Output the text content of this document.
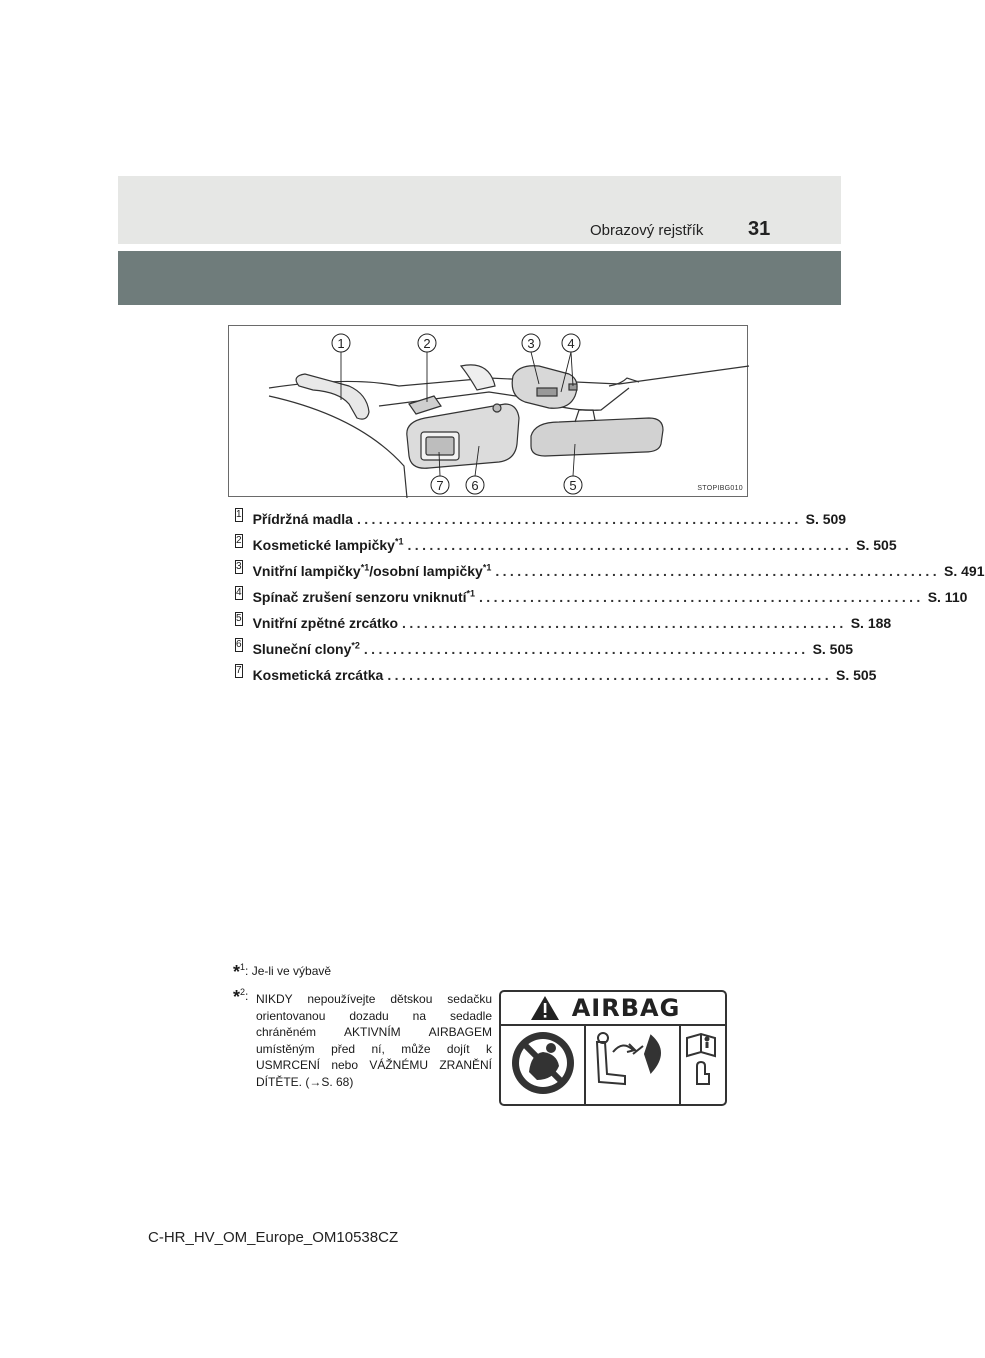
Obrazový rejstřík 31
1	2	3	4
5
6
7	STOPIBG010
1 Přídržná madla ............................................................. S. 509
2 Kosmetické lampičky$^{*1}$ ............................................................. S. 505
3 Vnitřní lampičky$^{*1}$/osobní lampičky$^{*1}$ ............................................................. S. 491
4 Spínač zrušení senzoru vniknutí$^{*1}$ ............................................................. S. 110
5 Vnitřní zpětné zrcátko ............................................................. S. 188
6 Sluneční clony$^{*2}$ ............................................................. S. 505
7 Kosmetická zrcátka ............................................................. S. 505
*$^1$: Je-li ve výbavě
*$^2$: NIKDY nepoužívejte dětskou sedačku orientovanou dozadu na sedadle chráněném AKTIVNÍM AIRBAGEM umístěným před ní, může dojít k USMRCENÍ nebo VÁŽNÉMU ZRANĚNÍ DÍTĚTE. (→S. 68)
AIRBAG
C-HR_HV_OM_Europe_OM10538CZ
